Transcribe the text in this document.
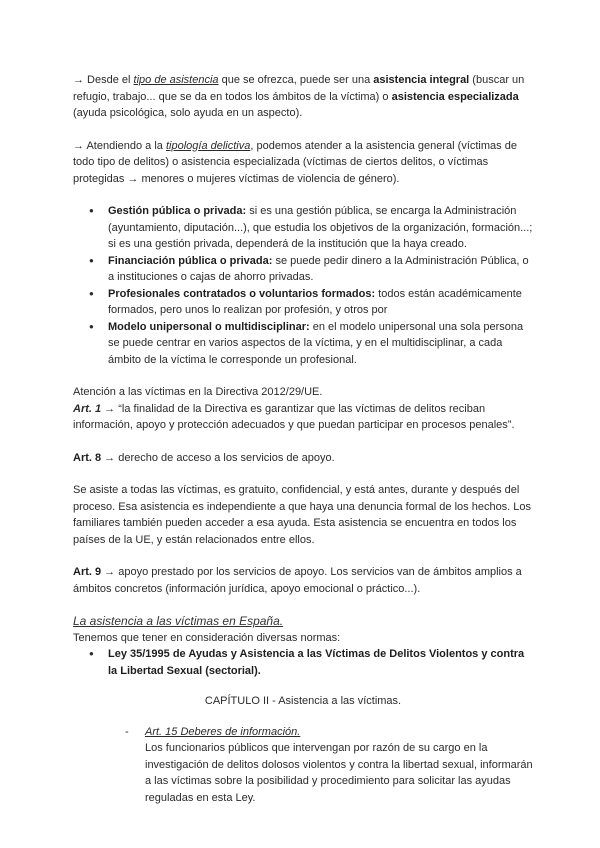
→ Desde el tipo de asistencia que se ofrezca, puede ser una asistencia integral (buscar un refugio, trabajo... que se da en todos los ámbitos de la víctima) o asistencia especializada (ayuda psicológica, solo ayuda en un aspecto).

→ Atendiendo a la tipología delictiva, podemos atender a la asistencia general (víctimas de todo tipo de delitos) o asistencia especializada (víctimas de ciertos delitos, o víctimas protegidas → menores o mujeres víctimas de violencia de género).

● Gestión pública o privada: si es una gestión pública, se encarga la Administración (ayuntamiento, diputación...), que estudia los objetivos de la organización, formación...; si es una gestión privada, dependerá de la institución que la haya creado.
● Financiación pública o privada: se puede pedir dinero a la Administración Pública, o a instituciones o cajas de ahorro privadas.
● Profesionales contratados o voluntarios formados: todos están académicamente formados, pero unos lo realizan por profesión, y otros por
● Modelo unipersonal o multidisciplinar: en el modelo unipersonal una sola persona se puede centrar en varios aspectos de la víctima, y en el multidisciplinar, a cada ámbito de la víctima le corresponde un profesional.

Atención a las víctimas en la Directiva 2012/29/UE.

Art. 1 → “la finalidad de la Directiva es garantizar que las víctimas de delitos reciban información, apoyo y protección adecuados y que puedan participar en procesos penales”.

Art. 8 → derecho de acceso a los servicios de apoyo.

Se asiste a todas las víctimas, es gratuito, confidencial, y está antes, durante y después del proceso. Esa asistencia es independiente a que haya una denuncia formal de los hechos. Los familiares también pueden acceder a esa ayuda. Esta asistencia se encuentra en todos los países de la UE, y están relacionados entre ellos.

Art. 9 → apoyo prestado por los servicios de apoyo. Los servicios van de ámbitos amplios a ámbitos concretos (información jurídica, apoyo emocional o práctico...).

La asistencia a las víctimas en España.

Tenemos que tener en consideración diversas normas:

● Ley 35/1995 de Ayudas y Asistencia a las Víctimas de Delitos Violentos y contra la Libertad Sexual (sectorial).

CAPÍTULO II - Asistencia a las víctimas.

- Art. 15 Deberes de información.

Los funcionarios públicos que intervengan por razón de su cargo en la investigación de delitos dolosos violentos y contra la libertad sexual, informarán a las víctimas sobre la posibilidad y procedimiento para solicitar las ayudas reguladas en esta Ley.
